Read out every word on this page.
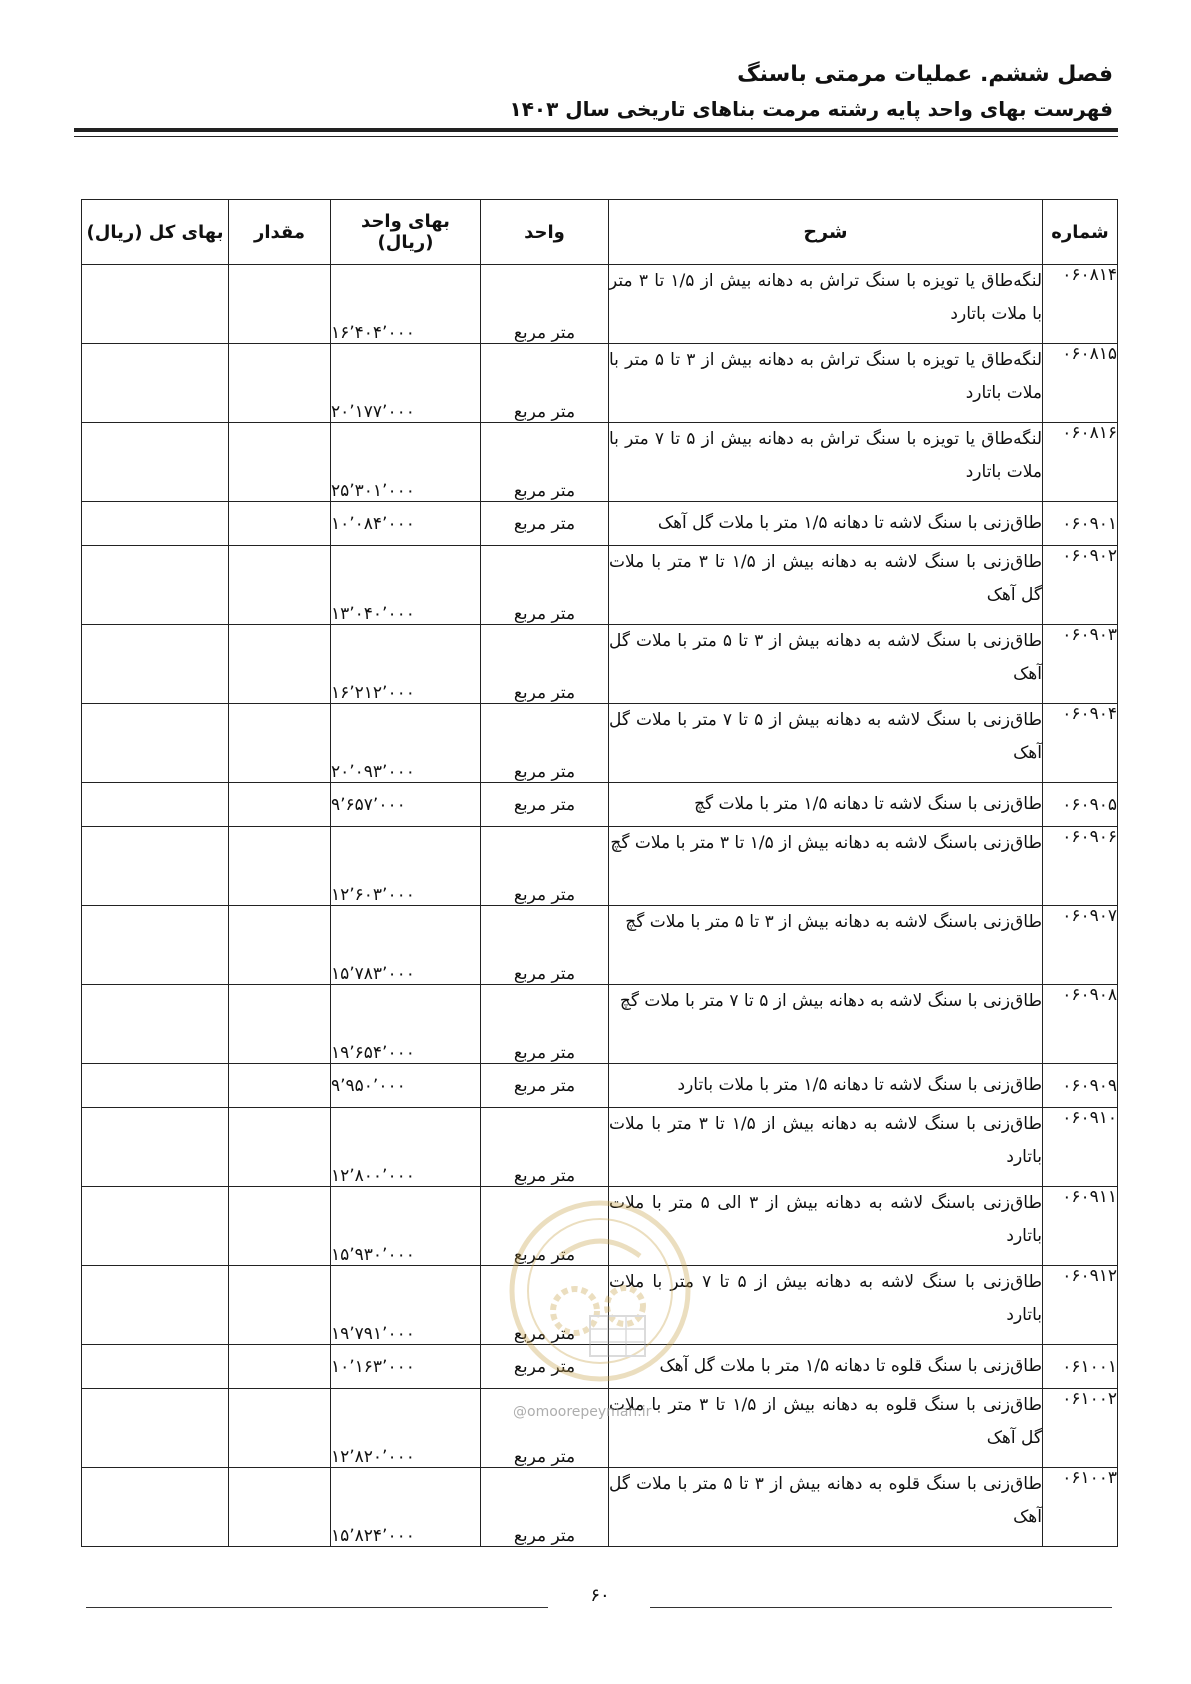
فصل ششم. عملیات مرمتی باسنگ
فهرست بهای واحد پایه رشته مرمت بناهای تاریخی سال ۱۴۰۳
شماره	شرح	واحد	بهای واحد (ریال)	مقدار	بهای کل (ریال)
۰۶۰۸۱۴	لنگه‌طاق یا تویزه با سنگ تراش به دهانه بیش از ۱/۵ تا ۳ متر با ملات باتارد	متر مربع	۱۶٬۴۰۴٬۰۰۰		
۰۶۰۸۱۵	لنگه‌طاق یا تویزه با سنگ تراش به دهانه بیش از ۳ تا ۵ متر با ملات باتارد	متر مربع	۲۰٬۱۷۷٬۰۰۰		
۰۶۰۸۱۶	لنگه‌طاق یا تویزه با سنگ تراش به دهانه بیش از ۵ تا ۷ متر با ملات باتارد	متر مربع	۲۵٬۳۰۱٬۰۰۰		
۰۶۰۹۰۱	طاق‌زنی با سنگ لاشه تا دهانه ۱/۵ متر با ملات گل آهک	متر مربع	۱۰٬۰۸۴٬۰۰۰		
۰۶۰۹۰۲	طاق‌زنی با سنگ لاشه به دهانه بیش از ۱/۵ تا ۳ متر با ملات گل آهک	متر مربع	۱۳٬۰۴۰٬۰۰۰		
۰۶۰۹۰۳	طاق‌زنی با سنگ لاشه به دهانه بیش از ۳ تا ۵ متر با ملات گل آهک	متر مربع	۱۶٬۲۱۲٬۰۰۰		
۰۶۰۹۰۴	طاق‌زنی با سنگ لاشه به دهانه بیش از ۵ تا ۷ متر با ملات گل آهک	متر مربع	۲۰٬۰۹۳٬۰۰۰		
۰۶۰۹۰۵	طاق‌زنی با سنگ لاشه تا دهانه ۱/۵ متر با ملات گچ	متر مربع	۹٬۶۵۷٬۰۰۰		
۰۶۰۹۰۶	طاق‌زنی باسنگ لاشه به دهانه بیش از ۱/۵ تا ۳ متر با ملات گچ	متر مربع	۱۲٬۶۰۳٬۰۰۰		
۰۶۰۹۰۷	طاق‌زنی باسنگ لاشه به دهانه بیش از ۳ تا ۵ متر با ملات گچ	متر مربع	۱۵٬۷۸۳٬۰۰۰		
۰۶۰۹۰۸	طاق‌زنی با سنگ لاشه به دهانه بیش از ۵ تا ۷ متر با ملات گچ	متر مربع	۱۹٬۶۵۴٬۰۰۰		
۰۶۰۹۰۹	طاق‌زنی با سنگ لاشه تا دهانه ۱/۵ متر با ملات باتارد	متر مربع	۹٬۹۵۰٬۰۰۰		
۰۶۰۹۱۰	طاق‌زنی با سنگ لاشه به دهانه بیش از ۱/۵ تا ۳ متر با ملات باتارد	متر مربع	۱۲٬۸۰۰٬۰۰۰		
۰۶۰۹۱۱	طاق‌زنی باسنگ لاشه به دهانه بیش از ۳ الی ۵ متر با ملات باتارد	متر مربع	۱۵٬۹۳۰٬۰۰۰		
۰۶۰۹۱۲	طاق‌زنی با سنگ لاشه به دهانه بیش از ۵ تا ۷ متر با ملات باتارد	متر مربع	۱۹٬۷۹۱٬۰۰۰		
۰۶۱۰۰۱	طاق‌زنی با سنگ قلوه تا دهانه ۱/۵ متر با ملات گل آهک	متر مربع	۱۰٬۱۶۳٬۰۰۰		
۰۶۱۰۰۲	طاق‌زنی با سنگ قلوه به دهانه بیش از ۱/۵ تا ۳ متر با ملات گل آهک	متر مربع	۱۲٬۸۲۰٬۰۰۰		
۰۶۱۰۰۳	طاق‌زنی با سنگ قلوه به دهانه بیش از ۳ تا ۵ متر با ملات گل آهک	متر مربع	۱۵٬۸۲۴٬۰۰۰		
@omoorepeyman.ir
۶۰
